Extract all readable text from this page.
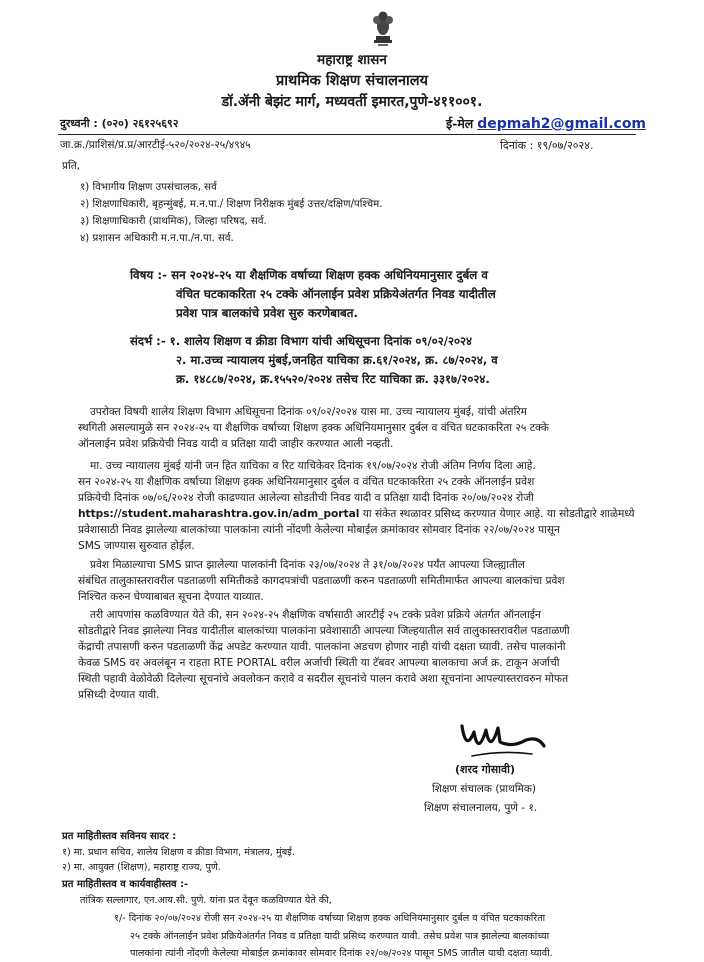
महाराष्ट्र शासन
प्राथमिक शिक्षण संचालनालय
डॉ.ॲनी बेझंट मार्ग, मध्यवर्ती इमारत,पुणे-४११००१.
दुरध्वनी : (०२०) २६१२५६९२	ई-मेल depmah2@gmail.com
जा.क्र./प्राशिसं/प्र.प्र/आरटीई-५२०/२०२४-२५/४९४५	दिनांक : १९/०७/२०२४.
प्रति,
१) विभागीय शिक्षण उपसंचालक, सर्व
२) शिक्षणाधिकारी, बृहन्मुंबई, म.न.पा./ शिक्षण निरीक्षक मुंबई उत्तर/दक्षिण/पश्चिम.
३) शिक्षणाधिकारी (प्राथमिक), जिल्हा परिषद, सर्व.
४) प्रशासन अधिकारी म.न.पा./न.पा. सर्व.
विषय :- सन २०२४-२५ या शैक्षणिक वर्षाच्या शिक्षण हक्क अधिनियमानुसार दुर्बल व
वंचित घटकाकरिता २५ टक्के ऑनलाईन प्रवेश प्रक्रियेअंतर्गत निवड यादीतील
प्रवेश पात्र बालकांचे प्रवेश सुरु करणेबाबत.
संदर्भ :- १. शालेय शिक्षण व क्रीडा विभाग यांची अधिसूचना दिनांक ०९/०२/२०२४
२. मा.उच्च न्यायालय मुंबई,जनहित याचिका क्र.६१/२०२४, क्र. ८७/२०२४, व
क्र. १४८८७/२०२४, क्र.१५५२०/२०२४ तसेच रिट याचिका क्र. ३३१७/२०२४.
उपरोक्त विषयी शालेय शिक्षण विभाग अधिसूचना दिनांक ०९/०२/२०२४ यास मा. उच्च न्यायालय मुंबई, यांची अंतरिम
स्थगिती असल्यामुळे सन २०२४-२५ या शैक्षणिक वर्षाच्या शिक्षण हक्क अधिनियमानुसार दुर्बल व वंचित घटकाकरिता २५ टक्के
ऑनलाईन प्रवेश प्रक्रियेची निवड यादी व प्रतिक्षा यादी जाहीर करण्यात आली नव्हती.
मा. उच्च न्यायालय मुंबई यांनी जन हित याचिका व रिट याचिकेवर दिनांक १९/०७/२०२४ रोजी अंतिम निर्णय दिला आहे.
सन २०२४-२५ या शैक्षणिक वर्षाच्या शिक्षण हक्क अधिनियमानुसार दुर्बल व वंचित घटकाकरिता २५ टक्के ऑनलाईन प्रवेश
प्रक्रियेची दिनांक ०७/०६/२०२४ रोजी काढण्यात आलेल्या सोडतीची निवड यादी व प्रतिक्षा यादी दिनांक २०/०७/२०२४ रोजी
https://student.maharashtra.gov.in/adm_portal या संकेत स्थळावर प्रसिध्द करण्यात येणार आहे. या सोडतीद्वारे शाळेमध्ये
प्रवेशासाठी निवड झालेल्या बालकांच्या पालकांना त्यांनी नोंदणी केलेल्या मोबाईल क्रमांकावर सोमवार दिनांक २२/०७/२०२४ पासून
SMS जाण्यास सुरुवात होईल.
प्रवेश मिळाल्याचा SMS प्राप्त झालेल्या पालकांनी दिनांक २३/०७/२०२४ ते ३१/०७/२०२४ पर्यंत आपल्या जिल्ह्यातील
संबंधित तालुकास्तरावरील पडताळणी समितीकडे कागदपत्रांची पडताळणी करुन पडताळणी समितीमार्फत आपल्या बालकांचा प्रवेश
निश्चित करुन घेण्याबाबत सूचना देण्यात याव्यात.
तरी आपणांस कळविण्यात येते की, सन २०२४-२५ शैक्षणिक वर्षासाठी आरटीई २५ टक्के प्रवेश प्रक्रिये अंतर्गत ऑनलाईन
सोडतीद्वारे निवड झालेल्या निवड यादीतील बालकांच्या पालकांना प्रवेशासाठी आपल्या जिल्हयातील सर्व तालुकास्तरावरील पडताळणी
केंद्राची तपासणी करुन पडताळणी केंद्र अपडेट करण्यात यावी. पालकांना अडचण होणार नाही यांची दक्षता घ्यावी. तसेच पालकांनी
केवळ SMS वर अवलंबून न राहता RTE PORTAL वरील अर्जाची स्थिती या टॅबवर आपल्या बालकाचा अर्ज क्र. टाकून अर्जाची
स्थिती पहावी वेळोवेळी दिलेल्या सूचनांचे अवलोकन करावे व सदरील सूचनांचे पालन करावे अशा सूचनांना आपल्यास्तरावरुन मोफत
प्रसिध्दी देण्यात यावी.
(शरद गोसावी)
शिक्षण संचालक (प्राथमिक)
शिक्षण संचालनालय, पुणे - १.
प्रत माहितीस्तव सविनय सादर :
१) मा. प्रधान सचिव, शालेय शिक्षण व क्रीडा विभाग, मंत्रालय, मुंबई.
२) मा. आयुक्त (शिक्षण), महाराष्ट्र राज्य, पुणे.
प्रत माहितीस्तव व कार्यवाहीस्तव :-
तांत्रिक सल्लागार, एन.आय.सी. पुणे. यांना प्रत देवून कळविण्यात येते की,
१/- दिनांक २०/०७/२०२४ रोजी सन २०२४-२५ या शैक्षणिक वर्षाच्या शिक्षण हक्क अधिनियमानुसार दुर्बल व वंचित घटकाकरिता
२५ टक्के ऑनलाईन प्रवेश प्रक्रियेअंतर्गत निवड व प्रतिक्षा यादी प्रसिध्द करण्यात यावी. तसेच प्रवेश पात्र झालेल्या बालकांच्या
पालकांना त्यांनी नोंदणी केलेल्या मोबाईल क्रमांकावर सोमवार दिनांक २२/०७/२०२४ पासून SMS जातील याची दक्षता घ्यावी.
